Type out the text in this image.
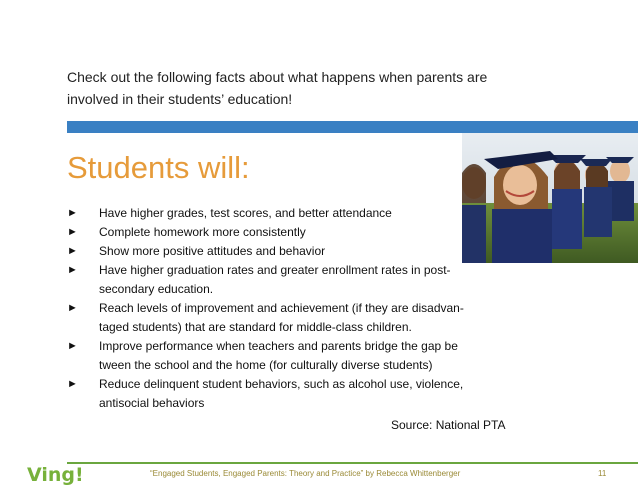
Check out the following facts about what happens when parents are
involved in their students’ education!
Students will:
► Have higher grades, test scores, and better attendance
► Complete homework more consistently
► Show more positive attitudes and behavior
► Have higher graduation rates and greater enrollment rates in post-
secondary education.
► Reach levels of improvement and achievement (if they are disadvan-
taged students) that are standard for middle-class children.
► Improve performance when teachers and parents bridge the gap be
tween the school and the home (for culturally diverse students)
► Reduce delinquent student behaviors, such as alcohol use, violence,
antisocial behaviors
Source: National PTA
Ving!	“Engaged Students, Engaged Parents: Theory and Practice” by Rebecca Whittenberger	11
